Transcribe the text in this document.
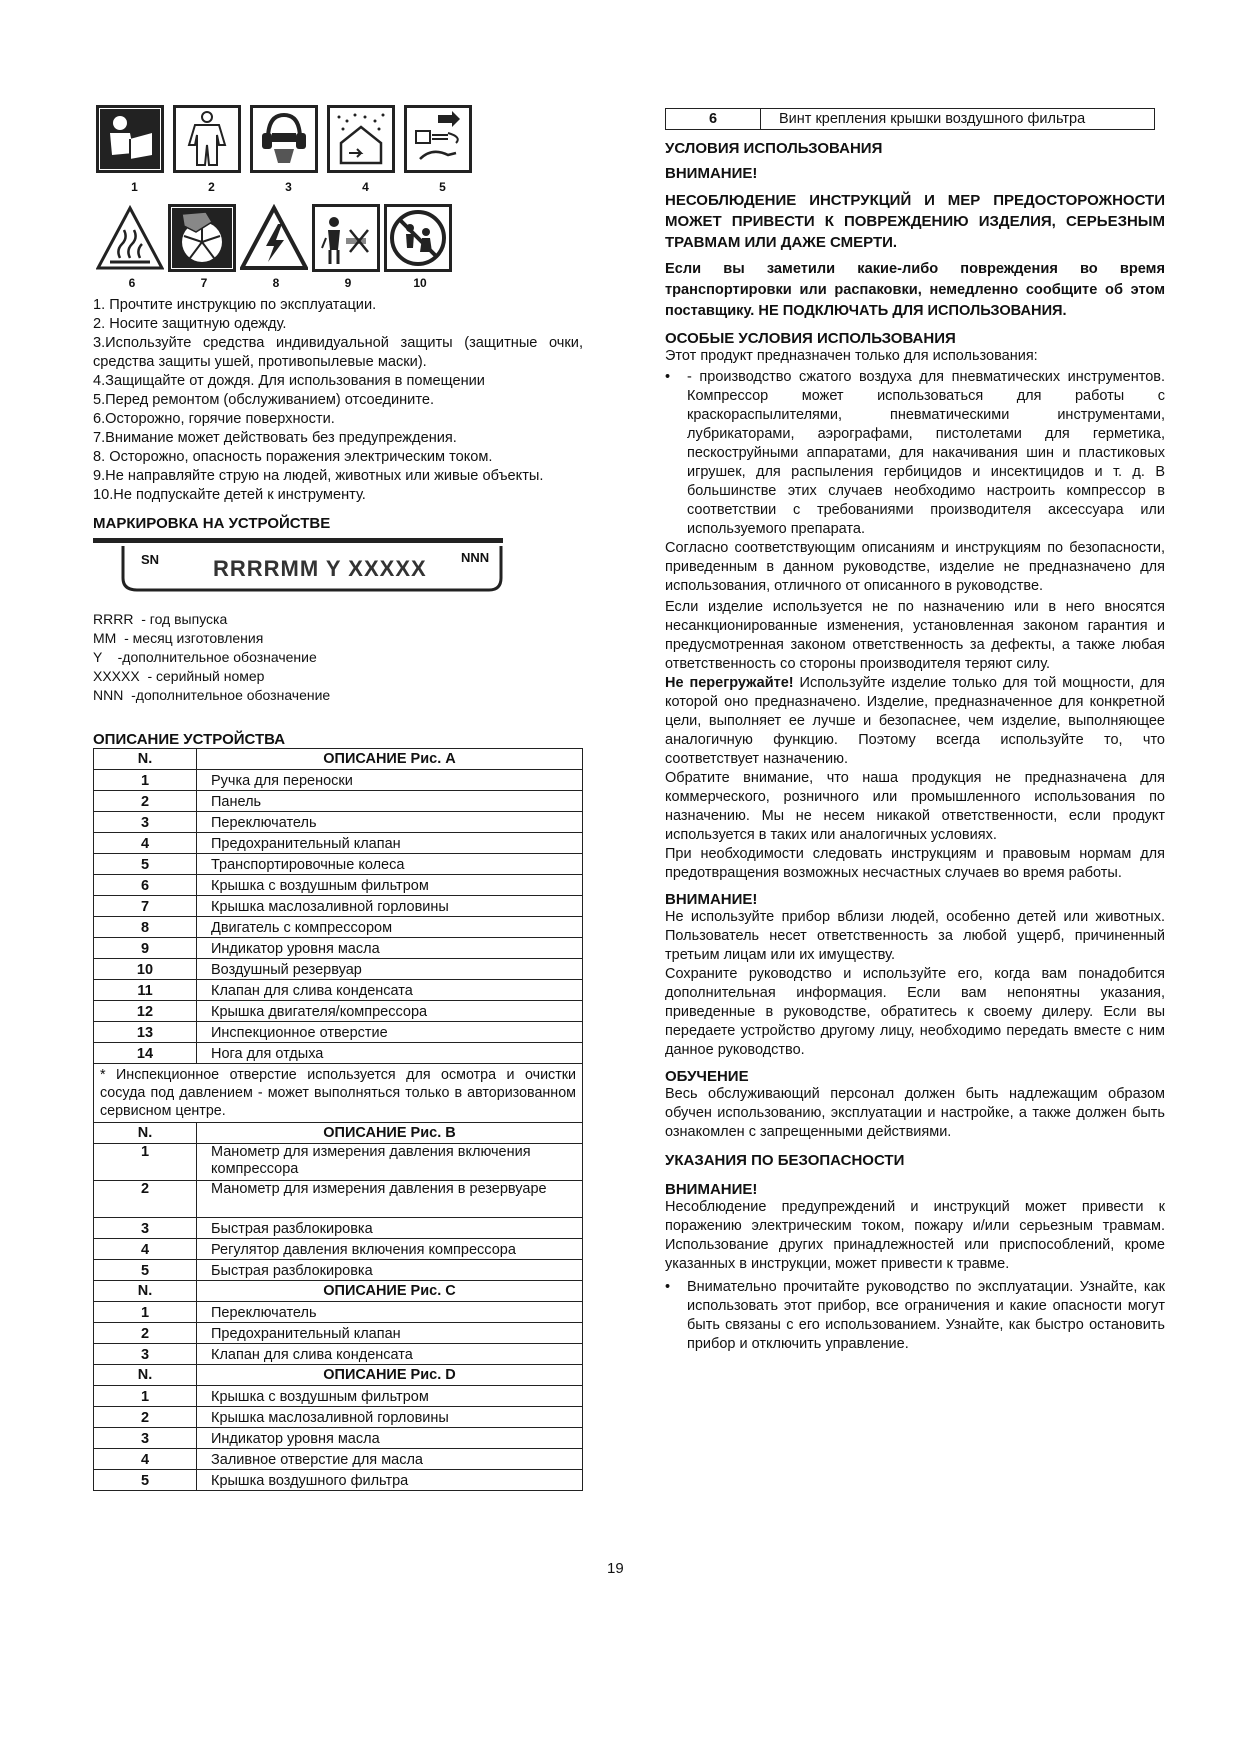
1	2	3	4	5
6	7	8	9	10
1. Прочтите инструкцию по эксплуатации.
2. Носите защитную одежду.
3.Используйте средства индивидуальной защиты (защитные очки, средства защиты ушей, противопылевые маски).
4.Защищайте от дождя. Для использования в помещении
5.Перед ремонтом (обслуживанием) отсоедините.
6.Осторожно, горячие поверхности.
7.Внимание может действовать без предупреждения.
8. Осторожно, опасность поражения электрическим током.
9.Не направляйте струю на людей, животных или живые объекты.
10.Не подпускайте детей к инструменту.
МАРКИРОВКА НА УСТРОЙСТВЕ
SN RRRRMM Y XXXXX	NNN
RRRR  - год выпуска
MM  - месяц изготовления
Y    -дополнительное обозначение
XXXXX  - серийный номер
NNN  -дополнительное обозначение
ОПИСАНИЕ УСТРОЙСТВА
N.	ОПИСАНИЕ Рис. A
1	Ручка для переноски
2	Панель
3	Переключатель
4	Предохранительный клапан
5	Транспортировочные колеса
6	Крышка с воздушным фильтром
7	Крышка маслозаливной горловины
8	Двигатель с компрессором
9	Индикатор уровня масла
10	Воздушный резервуар
11	Клапан для слива конденсата
12	Крышка двигателя/компрессора
13	Инспекционное отверстие
14	Нога для отдыха
* Инспекционное отверстие используется для осмотра и очистки сосуда под давлением - может выполняться только в авторизованном сервисном центре.	
N.	ОПИСАНИЕ Рис. B
1	Манометр для измерения давления включения компрессора
2	Манометр для измерения давления в резервуаре
3	Быстрая разблокировка
4	Регулятор давления включения компрессора
5	Быстрая разблокировка
N.	ОПИСАНИЕ Рис. C
1	Переключатель
2	Предохранительный клапан
3	Клапан для слива конденсата
N.	ОПИСАНИЕ Рис. D
1	Крышка с воздушным фильтром
2	Крышка маслозаливной горловины
3	Индикатор уровня масла
4	Заливное отверстие для масла
5	Крышка воздушного фильтра
6	Винт крепления крышки воздушного фильтра
УСЛОВИЯ ИСПОЛЬЗОВАНИЯ
ВНИМАНИЕ!
НЕСОБЛЮДЕНИЕ ИНСТРУКЦИЙ И МЕР ПРЕДОСТОРОЖНОСТИ МОЖЕТ ПРИВЕСТИ К ПОВРЕЖДЕНИЮ ИЗДЕЛИЯ, СЕРЬЕЗНЫМ ТРАВМАМ ИЛИ ДАЖЕ СМЕРТИ.
Если вы заметили какие-либо повреждения во время транспортировки или распаковки, немедленно сообщите об этом поставщику. НЕ ПОДКЛЮЧАТЬ ДЛЯ ИСПОЛЬЗОВАНИЯ.
ОСОБЫЕ УСЛОВИЯ ИСПОЛЬЗОВАНИЯ
Этот продукт предназначен только для использования:
•	- производство сжатого воздуха для пневматических инструментов. Компрессор может использоваться для работы с краскораспылителями, пневматическими инструментами, лубрикаторами, аэрографами, пистолетами для герметика, пескоструйными аппаратами, для накачивания шин и пластиковых игрушек, для распыления гербицидов и инсектицидов и т. д. В большинстве этих случаев необходимо настроить компрессор в соответствии с требованиями производителя аксессуара или используемого препарата.
Согласно соответствующим описаниям и инструкциям по безопасности, приведенным в данном руководстве, изделие не предназначено для использования, отличного от описанного в руководстве.
Если изделие используется не по назначению или в него вносятся несанкционированные изменения, установленная законом гарантия и предусмотренная законом ответственность за дефекты, а также любая ответственность со стороны производителя теряют силу.
Не перегружайте! Используйте изделие только для той мощности, для которой оно предназначено. Изделие, предназначенное для конкретной цели, выполняет ее лучше и безопаснее, чем изделие, выполняющее аналогичную функцию. Поэтому всегда используйте то, что соответствует назначению.
Обратите внимание, что наша продукция не предназначена для коммерческого, розничного или промышленного использования по назначению. Мы не несем никакой ответственности, если продукт используется в таких или аналогичных условиях.
При необходимости следовать инструкциям и правовым нормам для предотвращения возможных несчастных случаев во время работы.
ВНИМАНИЕ!
Не используйте прибор вблизи людей, особенно детей или животных. Пользователь несет ответственность за любой ущерб, причиненный третьим лицам или их имуществу.
Сохраните руководство и используйте его, когда вам понадобится дополнительная информация. Если вам непонятны указания, приведенные в руководстве, обратитесь к своему дилеру. Если вы передаете устройство другому лицу, необходимо передать вместе с ним данное руководство.
ОБУЧЕНИЕ
Весь обслуживающий персонал должен быть надлежащим образом обучен использованию, эксплуатации и настройке, а также должен быть ознакомлен с запрещенными действиями.
УКАЗАНИЯ ПО БЕЗОПАСНОСТИ
ВНИМАНИЕ!
Несоблюдение предупреждений и инструкций может привести к поражению электрическим током, пожару и/или серьезным травмам. Использование других принадлежностей или приспособлений, кроме указанных в инструкции, может привести к травме.
•	Внимательно прочитайте руководство по эксплуатации. Узнайте, как использовать этот прибор, все ограничения и какие опасности могут быть связаны с его использованием. Узнайте, как быстро остановить прибор и отключить управление.
19
